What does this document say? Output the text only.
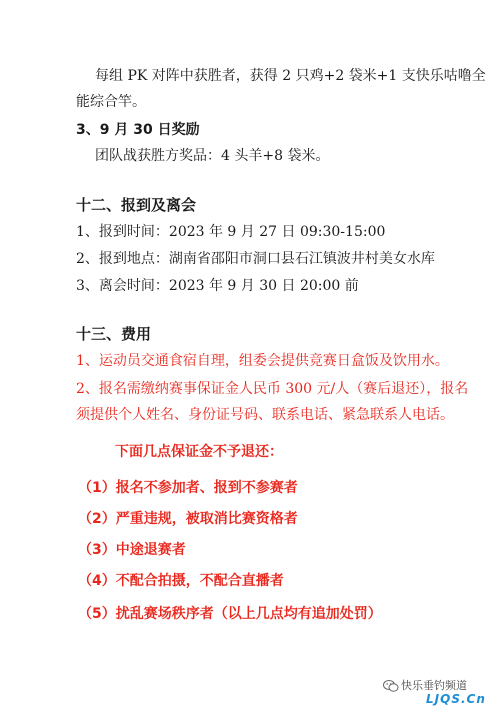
每组 PK 对阵中获胜者，获得 2 只鸡+2 袋米+1 支快乐咕噜全
能综合竿。
3、9 月 30 日奖励
团队战获胜方奖品：4 头羊+8 袋米。
十二、报到及离会
1、报到时间：2023 年 9 月 27 日 09:30-15:00
2、报到地点：湖南省邵阳市洞口县石江镇波井村美女水库
3、离会时间：2023 年 9 月 30 日 20:00 前
十三、费用
1、运动员交通食宿自理，组委会提供竞赛日盒饭及饮用水。
2、报名需缴纳赛事保证金人民币 300 元/人（赛后退还），报名
须提供个人姓名、身份证号码、联系电话、紧急联系人电话。
下面几点保证金不予退还：
（1）报名不参加者、报到不参赛者
（2）严重违规，被取消比赛资格者
（3）中途退赛者
（4）不配合拍摄，不配合直播者
（5）扰乱赛场秩序者（以上几点均有追加处罚）
快乐垂钓频道
LJQS.Cn
